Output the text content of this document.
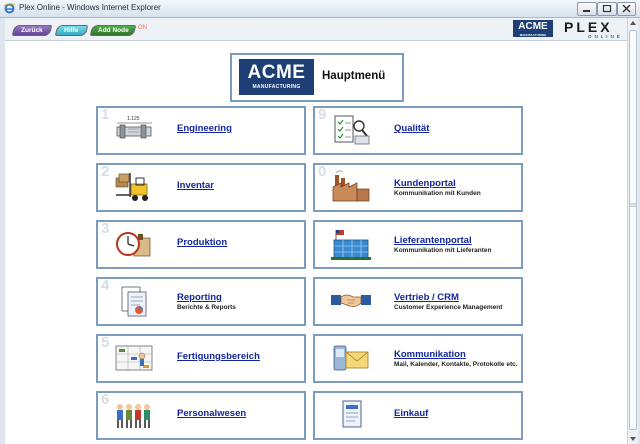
Plex Online - Windows Internet Explorer
Zurück	Hilfe	Add Node	ON	ACME
MANUFACTURING	PLEX
ONLINE
ACME
MANUFACTURING
Hauptmenü
1	1.125
Engineering
2
Inventar
3
Produktion
4
Reporting
Berichte & Reports
5
Fertigungsbereich
6
Personalwesen
9
Qualität
0
Kundenportal
Kommunikation mit Kunden
Lieferantenportal
Kommunikation mit Lieferanten
Vertrieb / CRM
Customer Experience Management
Kommunikation
Mail, Kalender, Kontakte, Protokolle etc.
Einkauf
